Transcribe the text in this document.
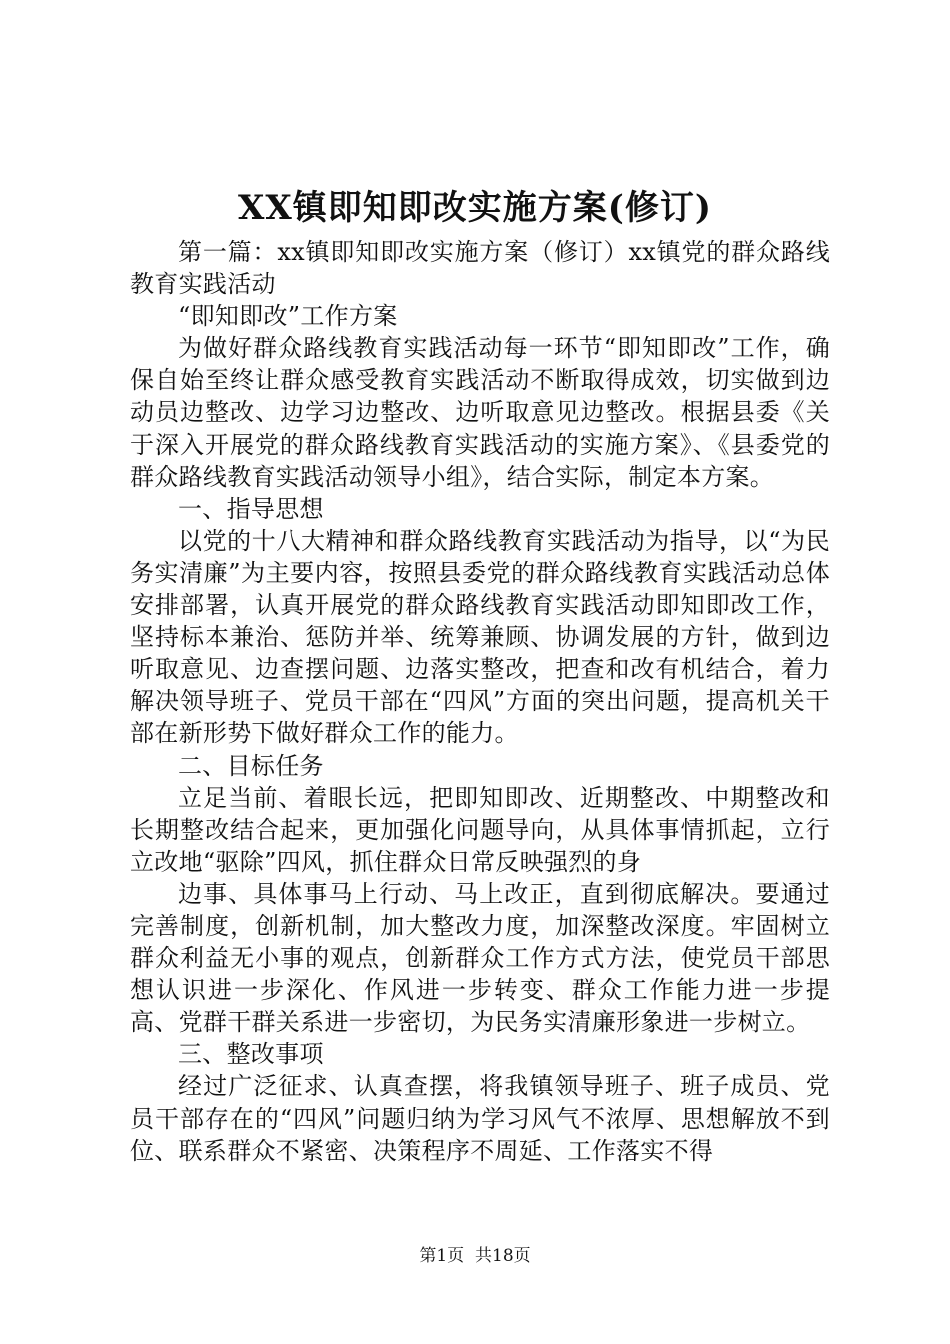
XX镇即知即改实施方案(修订)

第一篇：xx镇即知即改实施方案（修订）xx镇党的群众路线教育实践活动

“即知即改”工作方案

为做好群众路线教育实践活动每一环节“即知即改”工作，确保自始至终让群众感受教育实践活动不断取得成效，切实做到边动员边整改、边学习边整改、边听取意见边整改。根据县委《关于深入开展党的群众路线教育实践活动的实施方案》、《县委党的群众路线教育实践活动领导小组》，结合实际，制定本方案。

一、指导思想

以党的十八大精神和群众路线教育实践活动为指导，以“为民务实清廉”为主要内容，按照县委党的群众路线教育实践活动总体安排部署，认真开展党的群众路线教育实践活动即知即改工作，坚持标本兼治、惩防并举、统筹兼顾、协调发展的方针，做到边听取意见、边查摆问题、边落实整改，把查和改有机结合，着力解决领导班子、党员干部在“四风”方面的突出问题，提高机关干部在新形势下做好群众工作的能力。

二、目标任务

立足当前、着眼长远，把即知即改、近期整改、中期整改和长期整改结合起来，更加强化问题导向，从具体事情抓起，立行立改地“驱除”四风，抓住群众日常反映强烈的身

边事、具体事马上行动、马上改正，直到彻底解决。要通过完善制度，创新机制，加大整改力度，加深整改深度。牢固树立群众利益无小事的观点，创新群众工作方式方法，使党员干部思想认识进一步深化、作风进一步转变、群众工作能力进一步提高、党群干群关系进一步密切，为民务实清廉形象进一步树立。

三、整改事项

经过广泛征求、认真查摆，将我镇领导班子、班子成员、党员干部存在的“四风”问题归纳为学习风气不浓厚、思想解放不到位、联系群众不紧密、决策程序不周延、工作落实不得

第1页 共18页
